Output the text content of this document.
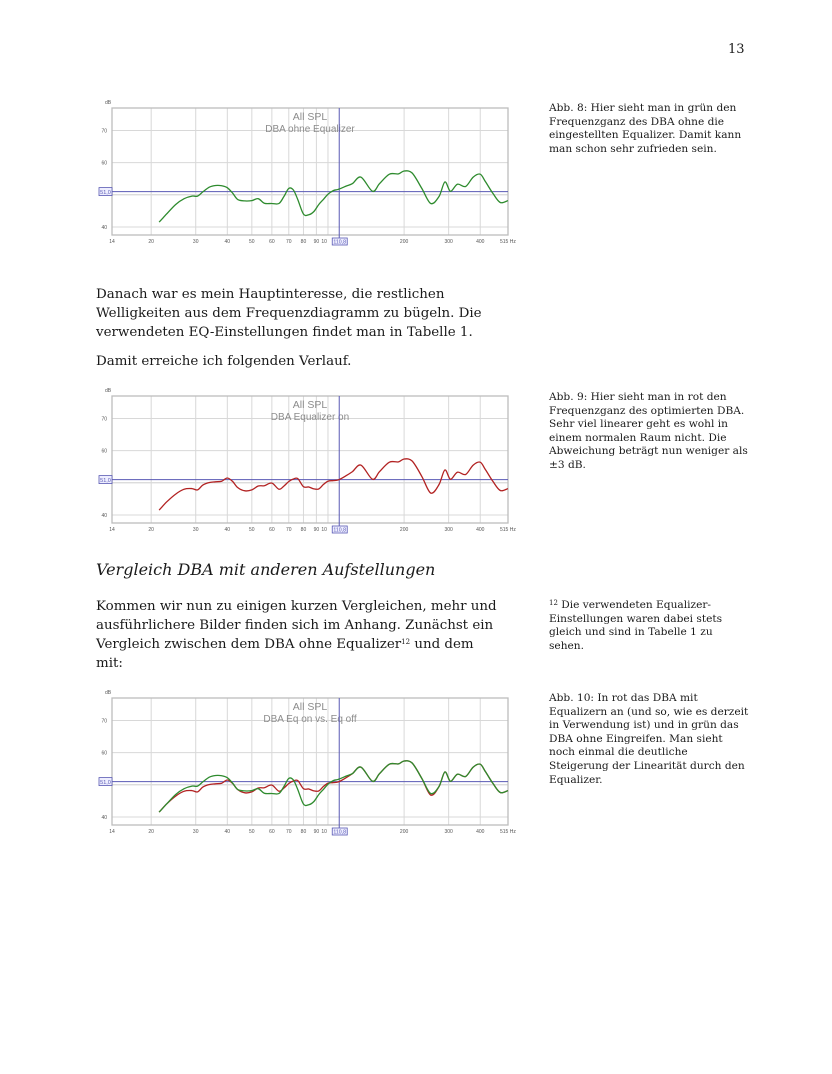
13
All SPL
DBA ohne Equalizer
dB
70
60
40
14	20	30	40	50	60 70 80 90 10	200	300	400	515 Hz
51,0
110,8
Abb. 8: Hier sieht man in grün den Frequenzganz des DBA ohne die eingestellten Equalizer. Damit kann man schon sehr zufrieden sein.

Danach war es mein Hauptinteresse, die restlichen Welligkeiten aus dem Frequenzdiagramm zu bügeln. Die verwendeten EQ-Einstellungen findet man in Tabelle 1.

Damit erreiche ich folgenden Verlauf.

All SPL
DBA Equalizer on
dB
70
60
40
14	20	30	40	50	60 70 80 90 10	200	300	400	515 Hz
51,0
110,8
Abb. 9: Hier sieht man in rot den Frequenzganz des optimierten DBA. Sehr viel linearer geht es wohl in einem normalen Raum nicht. Die Abweichung beträgt nun weniger als ±3 dB.
Vergleich DBA mit anderen Aufstellungen

Kommen wir nun zu einigen kurzen Vergleichen, mehr und ausführlichere Bilder finden sich im Anhang. Zunächst ein Vergleich zwischen dem DBA ohne Equalizer$^{12}$ und dem mit:

$^{12}$ Die verwendeten Equalizer-Einstellungen waren dabei stets gleich und sind in Tabelle 1 zu sehen.
All SPL
DBA Eq on vs. Eq off
dB
70
60
40
14	20	30	40	50	60 70 80 90 10	200	300	400	515 Hz
51,0
110,8
Abb. 10: In rot das DBA mit Equalizern an (und so, wie es derzeit in Verwendung ist) und in grün das DBA ohne Eingreifen. Man sieht noch einmal die deutliche Steigerung der Linearität durch den Equalizer.
